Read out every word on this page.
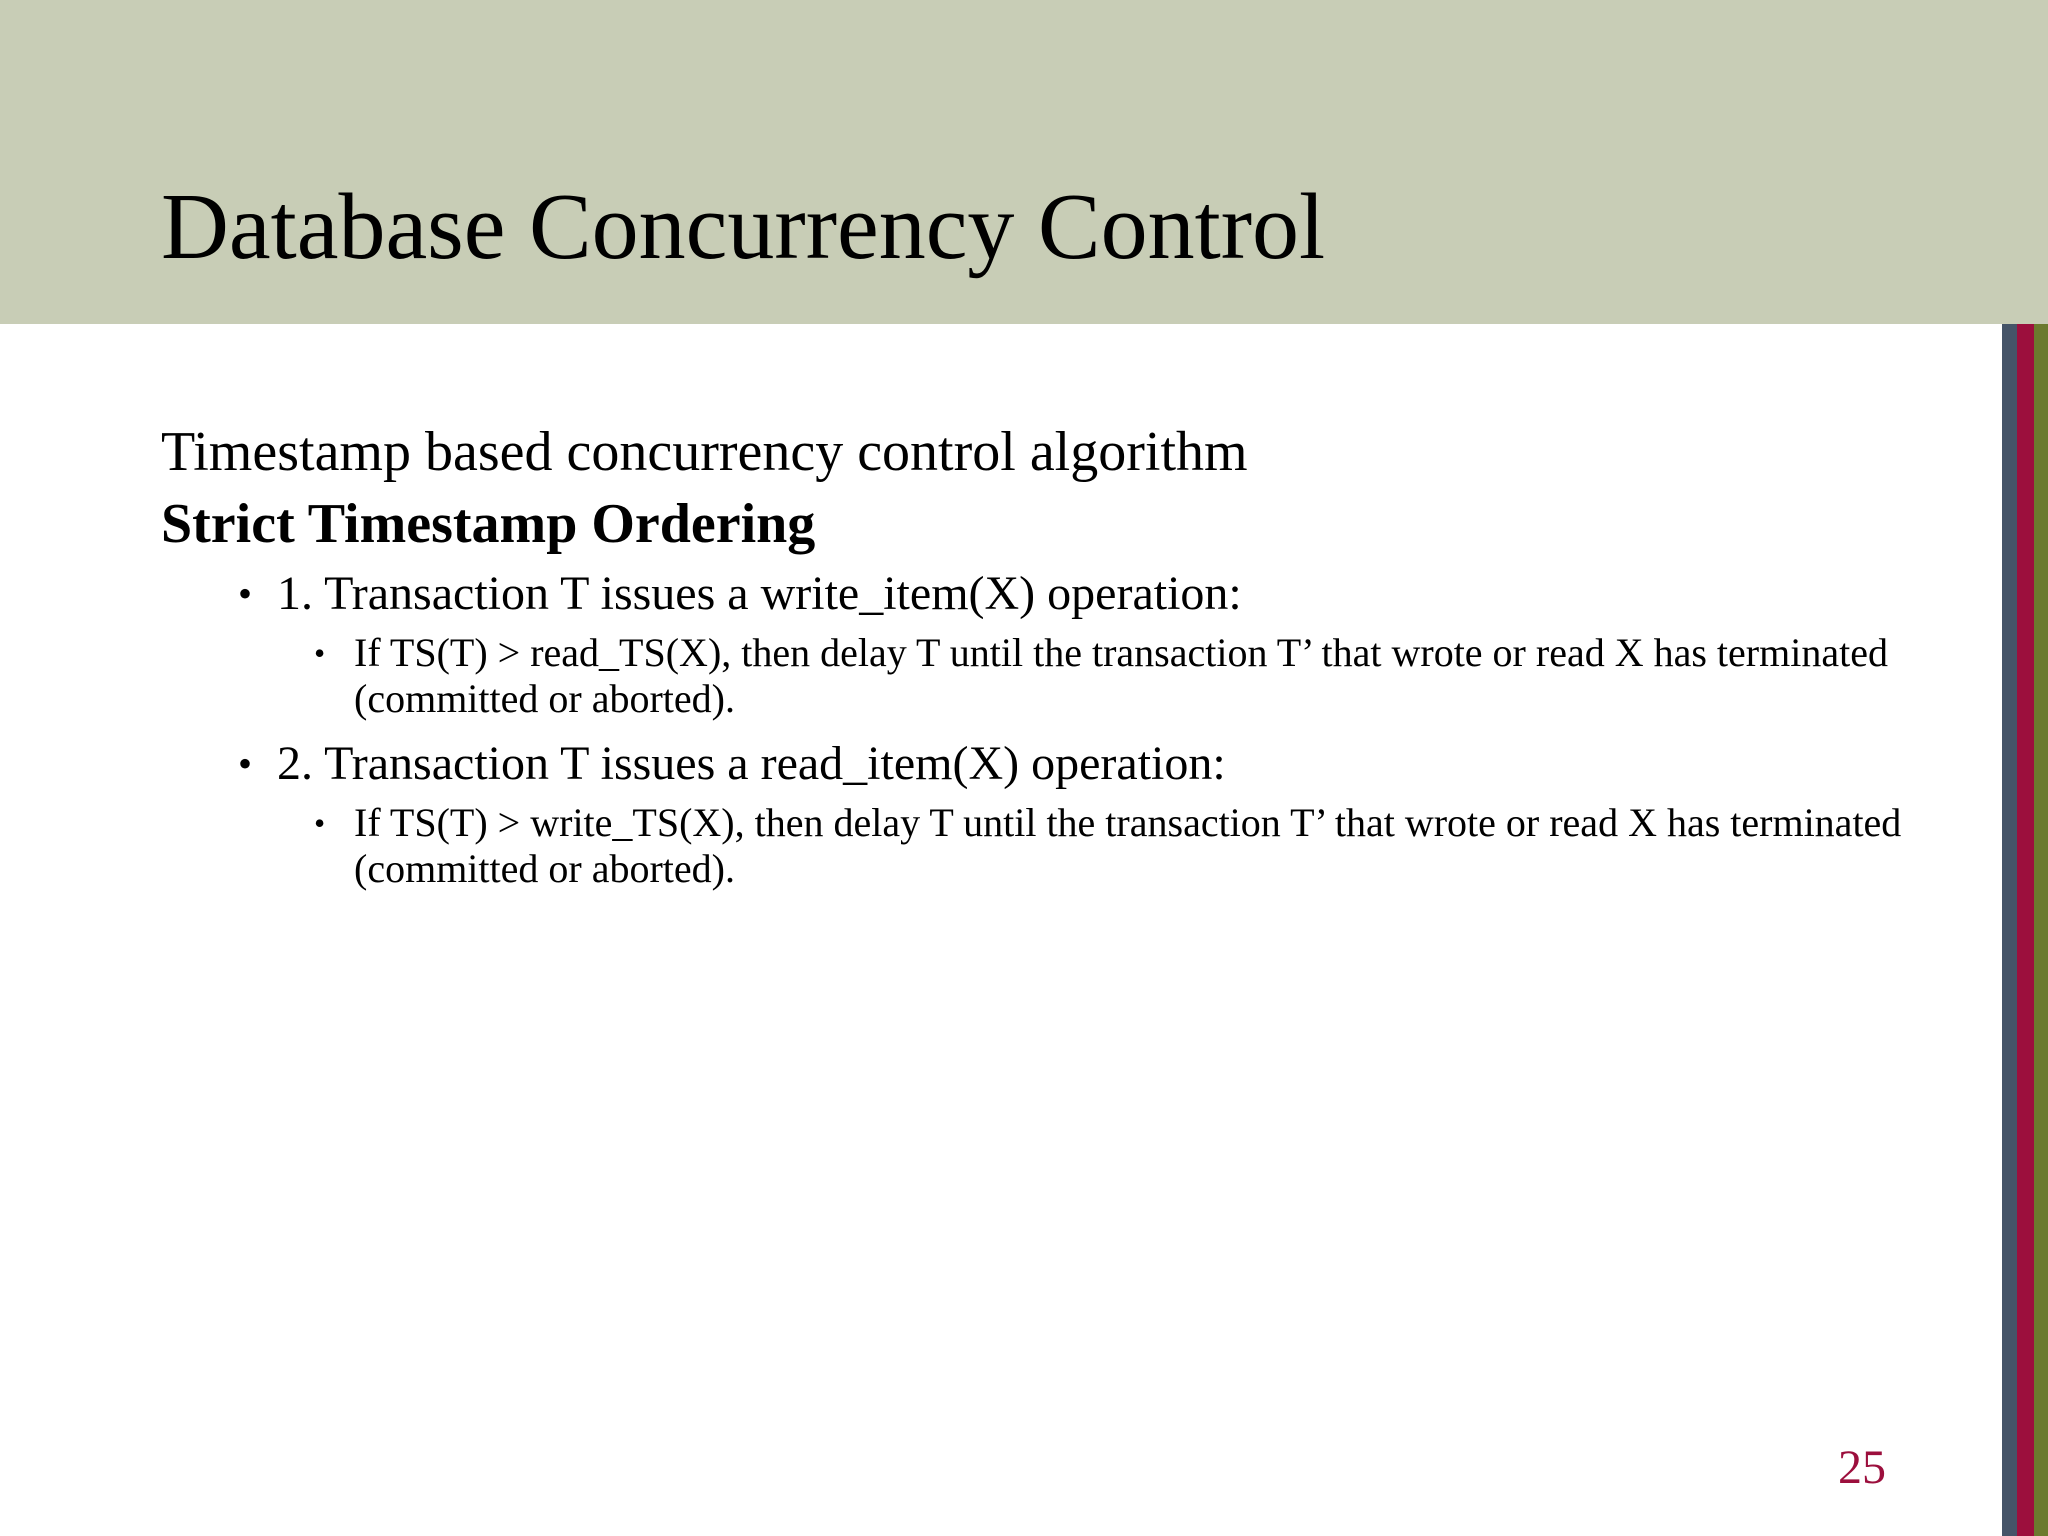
Database Concurrency Control

Timestamp based concurrency control algorithm

Strict Timestamp Ordering

• 1. Transaction T issues a write_item(X) operation:
• If TS(T) > read_TS(X), then delay T until the transaction T’ that wrote or read X has terminated (committed or aborted).
• 2. Transaction T issues a read_item(X) operation:
• If TS(T) > write_TS(X), then delay T until the transaction T’ that wrote or read X has terminated (committed or aborted).
25
